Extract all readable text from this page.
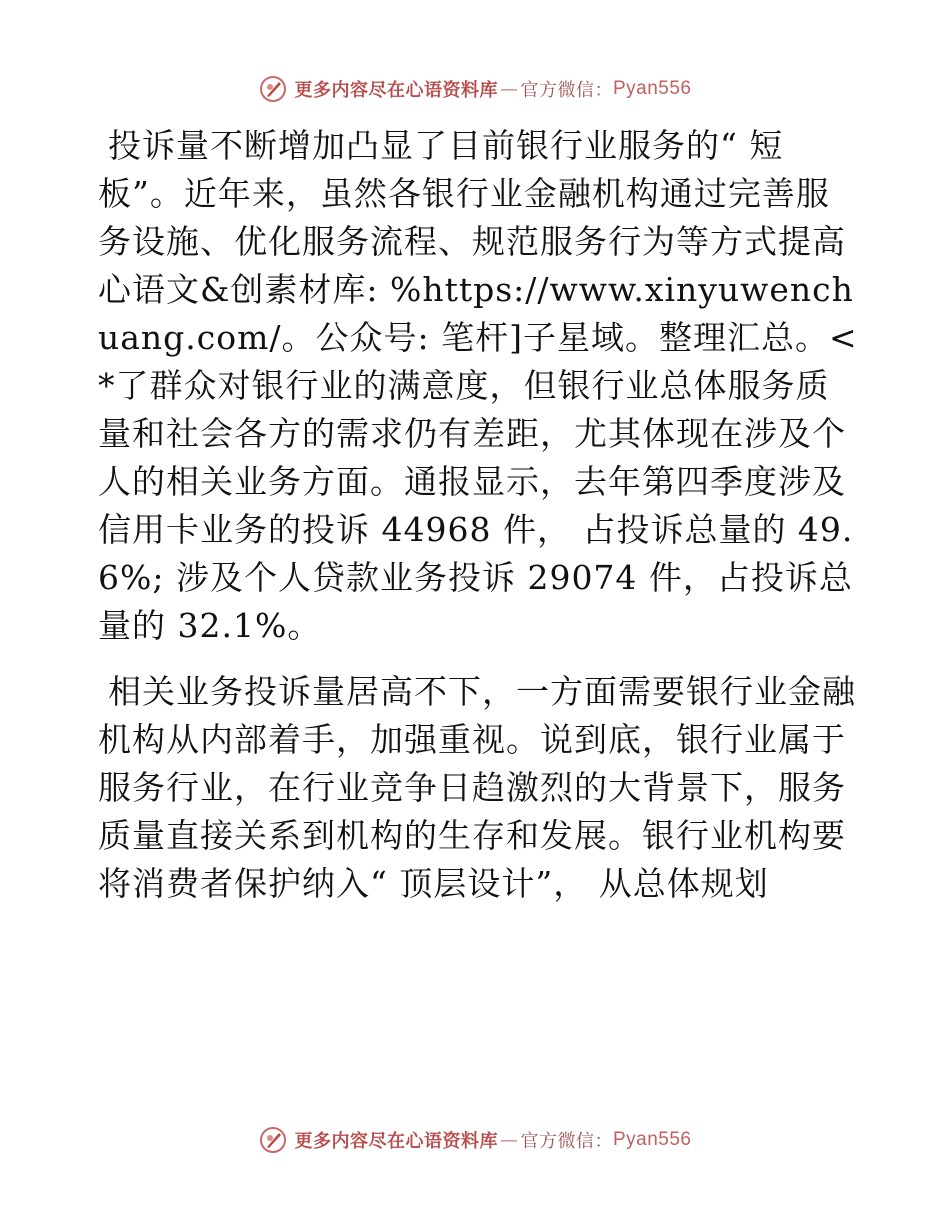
更多内容尽在心语资料库 — 官方微信： Pyan556

投诉量不断增加凸显了目前银行业服务的“ 短板”。近年来，虽然各银行业金融机构通过完善服务设施、优化服务流程、规范服务行为等方式提高心语文&创素材库: %https://www.xinyuwenchuang.com/。公众号: 笔杆]子星域。整理汇总。<*了群众对银行业的满意度，但银行业总体服务质量和社会各方的需求仍有差距，尤其体现在涉及个人的相关业务方面。通报显示，去年第四季度涉及信用卡业务的投诉 44968 件， 占投诉总量的 49.6%; 涉及个人贷款业务投诉 29074 件，占投诉总量的 32.1%。

相关业务投诉量居高不下，一方面需要银行业金融机构从内部着手，加强重视。说到底，银行业属于服务行业，在行业竞争日趋激烈的大背景下，服务质量直接关系到机构的生存和发展。银行业机构要将消费者保护纳入“ 顶层设计”， 从总体规划

更多内容尽在心语资料库 — 官方微信： Pyan556
